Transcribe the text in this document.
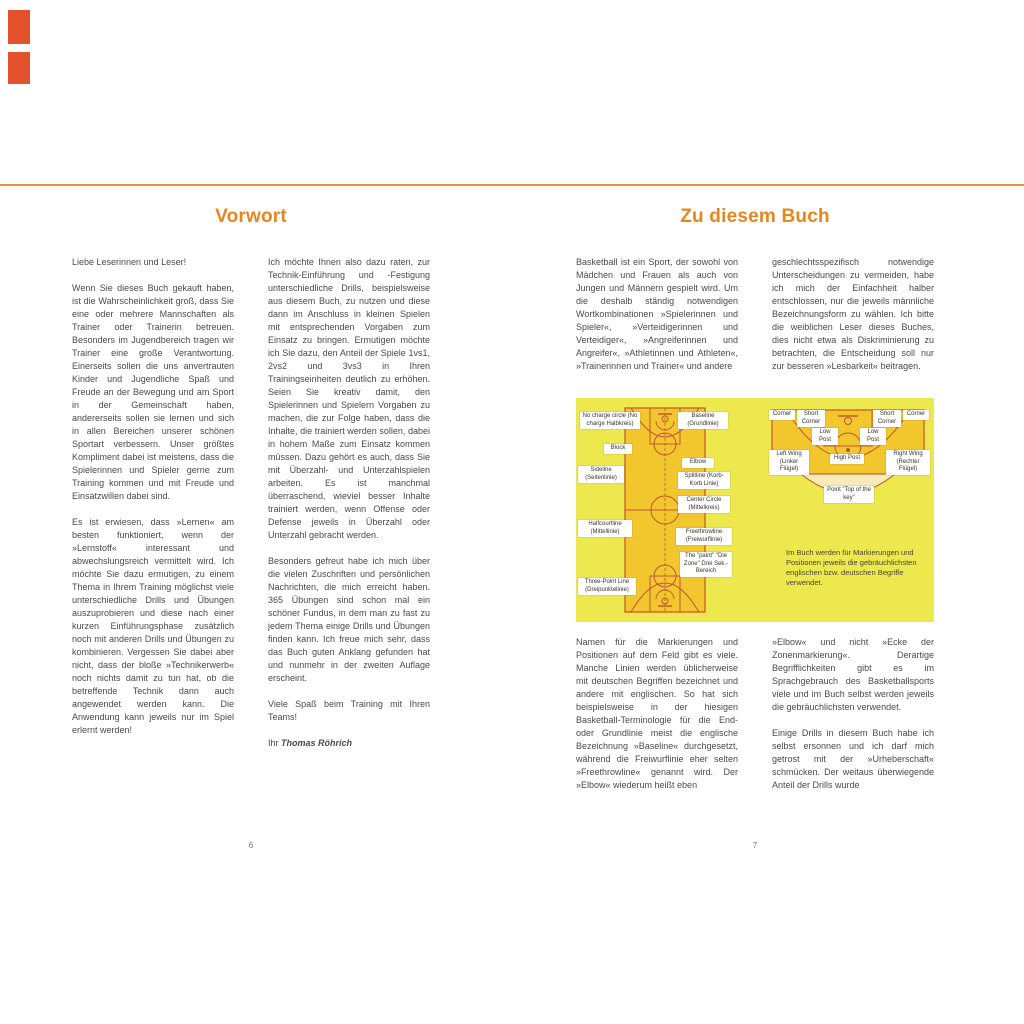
Vorwort

Liebe Leserinnen und Leser!

Wenn Sie dieses Buch gekauft haben, ist die Wahrscheinlichkeit groß, dass Sie eine oder mehrere Mannschaften als Trainer oder Trainerin betreuen. Besonders im Jugendbereich tragen wir Trainer eine große Verantwortung. Einerseits sollen die uns anvertrauten Kinder und Jugendliche Spaß und Freude an der Bewegung und am Sport in der Gemeinschaft haben, andererseits sollen sie lernen und sich in allen Bereichen unserer schönen Sportart verbessern. Unser größtes Kompliment dabei ist meistens, dass die Spielerinnen und Spieler gerne zum Training kommen und mit Freude und Einsatzwillen dabei sind.

Es ist erwiesen, dass »Lernen« am besten funktioniert, wenn der »Lernstoff« interessant und abwechslungsreich vermittelt wird. Ich möchte Sie dazu ermutigen, zu einem Thema in Ihrem Training möglichst viele unterschiedliche Drills und Übungen auszuprobieren und diese nach einer kurzen Einführungsphase zusätzlich noch mit anderen Drills und Übungen zu kombinieren. Vergessen Sie dabei aber nicht, dass der bloße »Technikerwerb« noch nichts damit zu tun hat, ob die betreffende Technik dann auch angewendet werden kann. Die Anwendung kann jeweils nur im Spiel erlernt werden!

Ich möchte Ihnen also dazu raten, zur Technik-Einführung und -Festigung unterschiedliche Drills, beispielsweise aus diesem Buch, zu nutzen und diese dann im Anschluss in kleinen Spielen mit entsprechenden Vorgaben zum Einsatz zu bringen. Ermutigen möchte ich Sie dazu, den Anteil der Spiele 1vs1, 2vs2 und 3vs3 in Ihren Trainingseinheiten deutlich zu erhöhen. Seien Sie kreativ damit, den Spielerinnen und Spielern Vorgaben zu machen, die zur Folge haben, dass die Inhalte, die trainiert werden sollen, dabei in hohem Maße zum Einsatz kommen müssen. Dazu gehört es auch, dass Sie mit Überzahl- und Unterzahlspielen arbeiten. Es ist manchmal überraschend, wieviel besser Inhalte trainiert werden, wenn Offense oder Defense jeweils in Überzahl oder Unterzahl gebracht werden.

Besonders gefreut habe ich mich über die vielen Zuschriften und persönlichen Nachrichten, die mich erreicht haben. 365 Übungen sind schon mal ein schöner Fundus, in dem man zu fast zu jedem Thema einige Drills und Übungen finden kann. Ich freue mich sehr, dass das Buch guten Anklang gefunden hat und nunmehr in der zweiten Auflage erscheint.

Viele Spaß beim Training mit Ihren Teams!

Ihr Thomas Röhrich

6
Zu diesem Buch

Basketball ist ein Sport, der sowohl von Mädchen und Frauen als auch von Jungen und Männern gespielt wird. Um die deshalb ständig notwendigen Wortkombinationen »Spielerinnen und Spieler«, »Verteidigerinnen und Verteidiger«, »Angreiferinnen und Angreifer«, »Athletinnen und Athleten«, »Trainerinnen und Trainer« und andere

geschlechtsspezifisch notwendige Unterscheidungen zu vermeiden, habe ich mich der Einfachheit halber entschlossen, nur die jeweils männliche Bezeichnungsform zu wählen. Ich bitte die weiblichen Leser dieses Buches, dies nicht etwa als Diskriminierung zu betrachten, die Entscheidung soll nur zur besseren »Lesbarkeit« beitragen.

No charge circle (No charge Halbkreis)
Baseline (Grundlinie)
Block
Elbow
Splitline (Korb-Korb Linie)
Sideline (Seitenlinie)
Center Circle (Mittelkreis)
Halfcourtline (Mittellinie)	Freethrowline (Freiwurflinie)
The "paint" "Die Zone" Drei Sek.-Bereich
Three-Point Line (Dreipunktelinie)
Corner	Short Corner
Low Post
Low Post
Short Corner
Corner
Left Wing (Linker Flügel)
High Post
Right Wing (Rechter Flügel)
Point "Top of the key"
Im Buch werden für Markierungen und Positionen jeweils die gebräuchlichsten englischen bzw. deutschen Begriffe verwendet.

Namen für die Markierungen und Positionen auf dem Feld gibt es viele. Manche Linien werden üblicherweise mit deutschen Begriffen bezeichnet und andere mit englischen. So hat sich beispielsweise in der hiesigen Basketball-Terminologie für die End- oder Grundlinie meist die englische Bezeichnung »Baseline« durchgesetzt, während die Freiwurflinie eher selten »Freethrowline« genannt wird. Der »Elbow« wiederum heißt eben

»Elbow« und nicht »Ecke der Zonenmarkierung«. Derartige Begrifflichkeiten gibt es im Sprachgebrauch des Basketballsports viele und im Buch selbst werden jeweils die gebräuchlichsten verwendet.

Einige Drills in diesem Buch habe ich selbst ersonnen und ich darf mich getrost mit der »Urheberschaft« schmücken. Der weitaus überwiegende Anteil der Drills wurde

7
